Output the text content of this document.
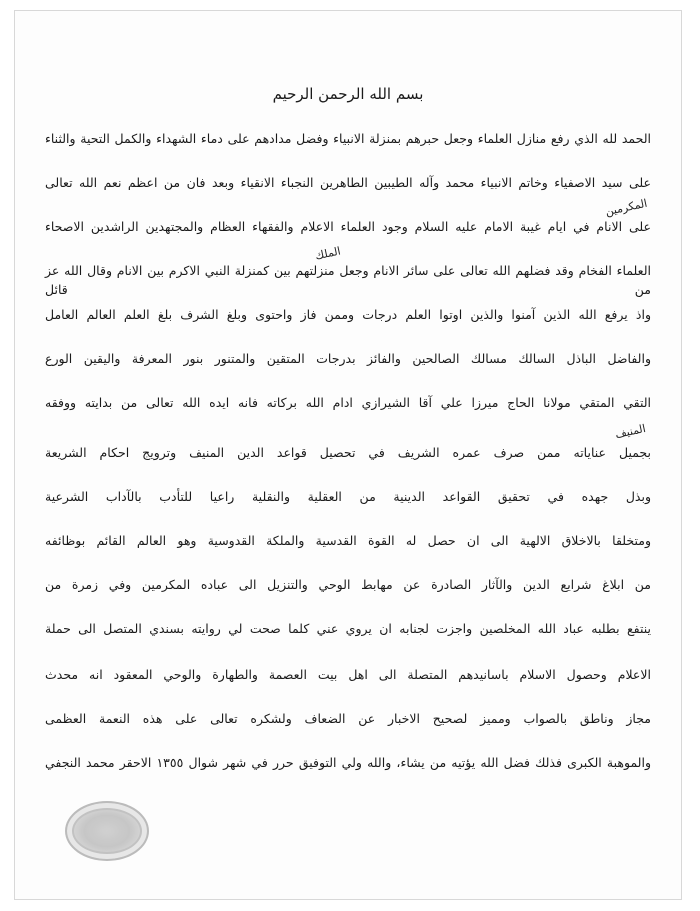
بسم الله الرحمن الرحيم
الحمد لله الذي رفع منازل العلماء وجعل حبرهم بمنزلة الانبياء وفضل مدادهم على دماء الشهداء والكمل التحية والثناء
على سيد الاصفياء وخاتم الانبياء محمد وآله الطيبين الطاهرين النجباء الانقياء وبعد فان من اعظم نعم الله تعالى
على الانام في ايام غيبة الامام عليه السلام وجود العلماء الاعلام والفقهاء العظام والمجتهدين الراشدين الاصحاء
العلماء الفخام وقد فضلهم الله تعالى على سائر الانام وجعل منزلتهم بين كمنزلة النبي الاكرم بين الانام وقال الله عز من قائل
واذ يرفع الله الذين آمنوا والذين اوتوا العلم درجات وممن فاز واحتوى وبلغ الشرف بلغ العلم العالم العامل
والفاضل الباذل السالك مسالك الصالحين والفائز بدرجات المتقين والمتنور بنور المعرفة واليقين الورع
التقي المتقي مولانا الحاج ميرزا علي آقا الشيرازي ادام الله بركاته فانه ايده الله تعالى من بدايته ووفقه
بجميل عناياته ممن صرف عمره الشريف في تحصيل قواعد الدين المنيف وترويج احكام الشريعة
وبذل جهده في تحقيق القواعد الدينية من العقلية والنقلية راعيا للتأدب بالآداب الشرعية
ومتخلقا بالاخلاق الالهية الى ان حصل له القوة القدسية والملكة القدوسية وهو العالم القائم بوظائفه
من ابلاغ شرايع الدين والآثار الصادرة عن مهابط الوحي والتنزيل الى عباده المكرمين وفي زمرة من
ينتفع بطلبه عباد الله المخلصين واجزت لجنابه ان يروي عني كلما صحت لي روايته بسندي المتصل الى حملة
الاعلام وحصول الاسلام باسانيدهم المتصلة الى اهل بيت العصمة والطهارة والوحي المعقود انه محدث
مجاز وناطق بالصواب ومميز لصحيح الاخبار عن الضعاف ولشكره تعالى على هذه النعمة العظمى
والموهبة الكبرى فذلك فضل الله يؤتيه من يشاء، والله ولي التوفيق حرر في شهر شوال ١٣٥٥ الاحقر محمد النجفي
المكرمين
الملك
المنيف
